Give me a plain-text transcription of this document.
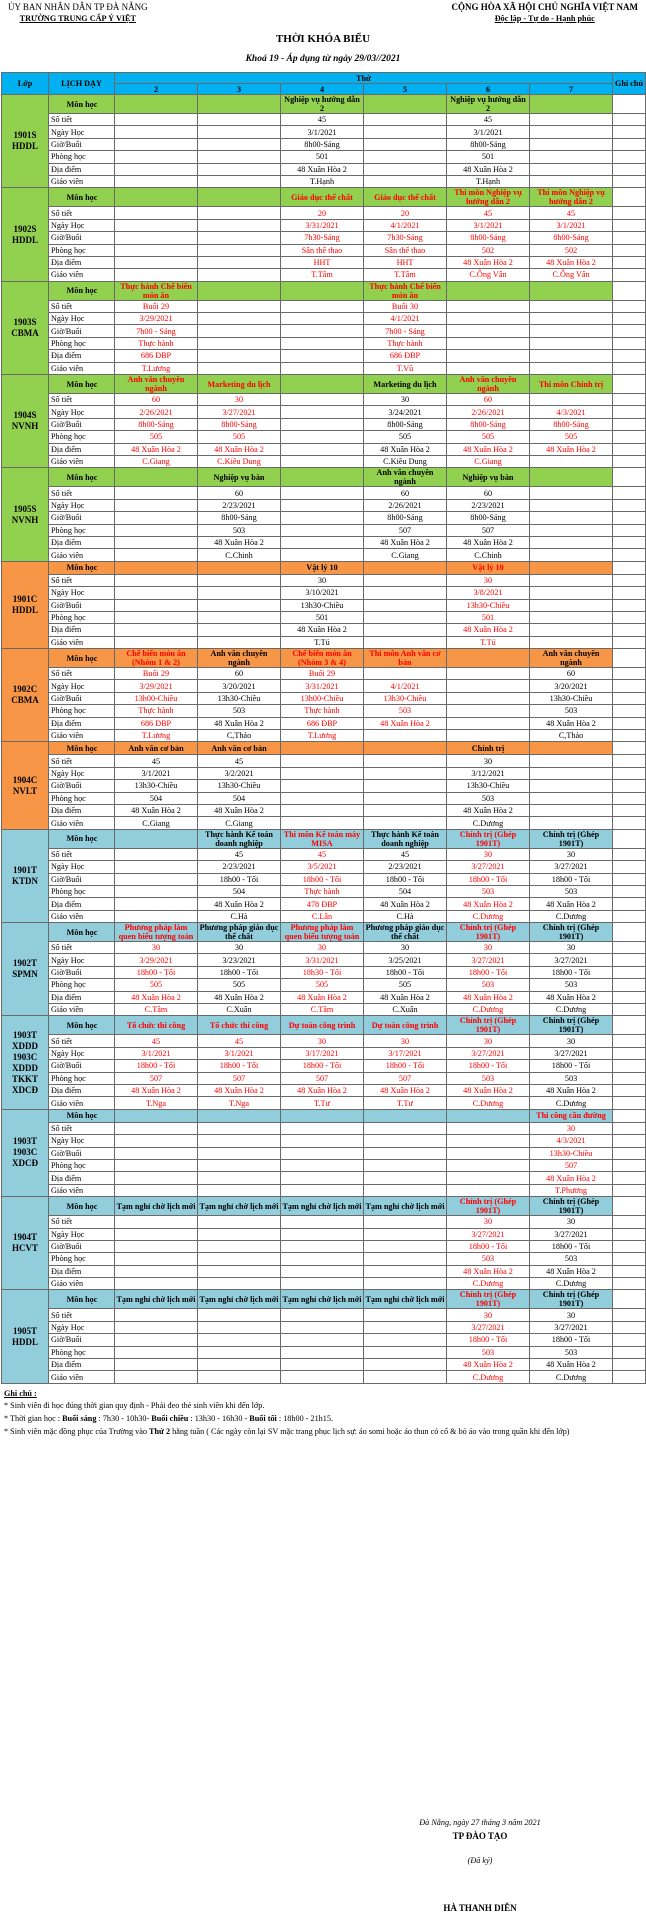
ỦY BAN NHÂN DÂN TP ĐÀ NẴNG
TRƯỜNG TRUNG CẤP Ý VIỆT
CỘNG HÒA XÃ HỘI CHỦ NGHĨA VIỆT NAM
Độc lập - Tự do - Hạnh phúc
THỜI KHÓA BIỂU
Khoá 19 - Áp dụng từ ngày 29/03//2021
Lớp	LỊCH DẠY	Thứ						Ghi chú
		2	3	4	5	6	7	
1901S HDDL	Môn học			Nghiệp vụ hướng dẫn 2		Nghiệp vụ hướng dẫn 2		
	Số tiết			45		45		
	Ngày Học			3/1/2021		3/1/2021		
	Giờ/Buổi			8h00-Sáng		8h00-Sáng		
	Phòng học			501		501		
	Địa điểm			48 Xuân Hòa 2		48 Xuân Hòa 2		
	Giáo viên			T.Hạnh		T.Hạnh		
1902S HDDL	Môn học			Giáo dục thể chất	Giáo dục thể chất	Thi môn Nghiệp vụ hướng dẫn 2	Thi môn Nghiệp vụ hướng dẫn 2	
	Số tiết			20	20	45	45	
	Ngày Học			3/31/2021	4/1/2021	3/1/2021	3/1/2021	
	Giờ/Buổi			7h30-Sáng	7h30-Sáng	8h00-Sáng	8h00-Sáng	
	Phòng học			Sân thể thao	Sân thể thao	502	502	
	Địa điểm			HHT	HHT	48 Xuân Hòa 2	48 Xuân Hòa 2	
	Giáo viên			T.Tâm	T.Tâm	C.Ông Vân	C.Ông Vân	
1903S CBMA	Môn học	Thực hành Chế biến món ăn			Thực hành Chế biến món ăn			
	Số tiết	Buổi 29			Buổi 30			
	Ngày Học	3/29/2021			4/1/2021			
	Giờ/Buổi	7h00 - Sáng			7h00 - Sáng			
	Phòng học	Thực hành			Thực hành			
	Địa điểm	686 ĐBP			686 ĐBP			
	Giáo viên	T.Lương			T.Vũ			
1904S NVNH	Môn học	Anh văn chuyên ngành	Marketing du lịch		Marketing du lịch	Anh văn chuyên ngành	Thi môn Chính trị	
	Số tiết	60	30		30	60		
	Ngày Học	2/26/2021	3/27/2021		3/24/2021	2/26/2021	4/3/2021	
	Giờ/Buổi	8h00-Sáng	8h00-Sáng		8h00-Sáng	8h00-Sáng	8h00-Sáng	
	Phòng học	505	505		505	505	505	
	Địa điểm	48 Xuân Hòa 2	48 Xuân Hòa 2		48 Xuân Hòa 2	48 Xuân Hòa 2	48 Xuân Hòa 2	
	Giáo viên	C.Giang	C.Kiều Dung		C.Kiều Dung	C.Giang		
1905S NVNH	Môn học		Nghiệp vụ bàn		Anh văn chuyên ngành	Nghiệp vụ bàn		
	Số tiết		60		60	60		
	Ngày Học		2/23/2021		2/26/2021	2/23/2021		
	Giờ/Buổi		8h00-Sáng		8h00-Sáng	8h00-Sáng		
	Phòng học		503		507	507		
	Địa điểm		48 Xuân Hòa 2		48 Xuân Hòa 2	48 Xuân Hòa 2		
	Giáo viên		C.Chinh		C.Giang	C.Chinh		
1901C HDDL	Môn học			Vật lý 10		Vật lý 10		
	Số tiết			30		30		
	Ngày Học			3/10/2021		3/8/2021		
	Giờ/Buổi			13h30-Chiều		13h30-Chiều		
	Phòng học			501		501		
	Địa điểm			48 Xuân Hòa 2		48 Xuân Hòa 2		
	Giáo viên			T.Tú		T.Tú		
1902C CBMA	Môn học	Chế biến món ăn (Nhóm 1 & 2)	Anh văn chuyên ngành	Chế biến món ăn (Nhóm 3 & 4)	Thi môn Anh văn cơ bản		Anh văn chuyên ngành	
	Số tiết	Buổi 29	60	Buổi 29			60	
	Ngày Học	3/29/2021	3/20/2021	3/31/2021	4/1/2021		3/20/2021	
	Giờ/Buổi	13h00-Chiều	13h30-Chiều	13h00-Chiều	13h30-Chiều		13h30-Chiều	
	Phòng học	Thực hành	503	Thực hành	503		503	
	Địa điểm	686 ĐBP	48 Xuân Hòa 2	686 ĐBP	48 Xuân Hòa 2		48 Xuân Hòa 2	
	Giáo viên	T.Lương	C,Thảo	T.Lương			C,Thảo	
1904C NVLT	Môn học	Anh văn cơ bản	Anh văn cơ bản			Chính trị		
	Số tiết	45	45			30		
	Ngày Học	3/1/2021	3/2/2021			3/12/2021		
	Giờ/Buổi	13h30-Chiều	13h30-Chiều			13h30-Chiều		
	Phòng học	504	504			503		
	Địa điểm	48 Xuân Hòa 2	48 Xuân Hòa 2			48 Xuân Hòa 2		
	Giáo viên	C.Giang	C.Giang			C.Dương		
1901T KTDN	Môn học		Thực hành Kế toán doanh nghiệp	Thi môn Kế toán máy MISA	Thực hành Kế toán doanh nghiệp	Chính trị (Ghép 1901T)	Chính trị (Ghép 1901T)	
	Số tiết		45	45	45	30	30	
	Ngày Học		2/23/2021	3/5/2021	2/23/2021	3/27/2021	3/27/2021	
	Giờ/Buổi		18h00 - Tối	18h00 - Tối	18h00 - Tối	18h00 - Tối	18h00 - Tối	
	Phòng học		504	Thực hành	504	503	503	
	Địa điểm		48 Xuân Hòa 2	478 ĐBP	48 Xuân Hòa 2	48 Xuân Hòa 2	48 Xuân Hòa 2	
	Giáo viên		C.Hà	C.Lân	C.Hà	C.Dương	C.Dương	
1902T SPMN	Môn học	Phương pháp làm quen biểu tượng toán	Phương pháp giáo dục thể chất	Phương pháp làm quen biểu tượng toán	Phương pháp giáo dục thể chất	Chính trị (Ghép 1901T)	Chính trị (Ghép 1901T)	
	Số tiết	30	30	30	30	30	30	
	Ngày Học	3/29/2021	3/23/2021	3/31/2021	3/25/2021	3/27/2021	3/27/2021	
	Giờ/Buổi	18h00 - Tối	18h00 - Tối	18h30 - Tối	18h00 - Tối	18h00 - Tối	18h00 - Tối	
	Phòng học	505	505	505	505	503	503	
	Địa điểm	48 Xuân Hòa 2	48 Xuân Hòa 2	48 Xuân Hòa 2	48 Xuân Hòa 2	48 Xuân Hòa 2	48 Xuân Hòa 2	
	Giáo viên	C.Tâm	C.Xuân	C.Tâm	C.Xuân	C.Dương	C.Dương	
1903T XDDD 1903C XDDD TKKT XDCĐ	Môn học	Tổ chức thi công	Tổ chức thi công	Dự toán công trình	Dự toán công trình	Chính trị (Ghép 1901T)	Chính trị (Ghép 1901T)	
	Số tiết	45	45	30	30	30	30	
	Ngày Học	3/1/2021	3/1/2021	3/17/2021	3/17/2021	3/27/2021	3/27/2021	
	Giờ/Buổi	18h00 - Tối	18h00 - Tối	18h00 - Tối	18h00 - Tối	18h00 - Tối	18h00 - Tối	
	Phòng học	507	507	507	507	503	503	
	Địa điểm	48 Xuân Hòa 2	48 Xuân Hòa 2	48 Xuân Hòa 2	48 Xuân Hòa 2	48 Xuân Hòa 2	48 Xuân Hòa 2	
	Giáo viên	T.Nga	T.Nga	T.Tư	T.Tư	C.Dương	C.Dương	
1903T 1903C XDCĐ	Môn học						Thi công cầu đường	
	Số tiết						30	
	Ngày Học						4/3/2021	
	Giờ/Buổi						13h30-Chiều	
	Phòng học						507	
	Địa điểm						48 Xuân Hòa 2	
	Giáo viên						T.Phương	
1904T HCVT	Môn học	Tạm nghỉ chờ lịch mới	Tạm nghỉ chờ lịch mới	Tạm nghỉ chờ lịch mới	Tạm nghỉ chờ lịch mới	Chính trị (Ghép 1901T)	Chính trị (Ghép 1901T)	
	Số tiết					30	30	
	Ngày Học					3/27/2021	3/27/2021	
	Giờ/Buổi					18h00 - Tối	18h00 - Tối	
	Phòng học					503	503	
	Địa điểm					48 Xuân Hòa 2	48 Xuân Hòa 2	
	Giáo viên					C.Dương	C.Dương	
1905T HDDL	Môn học	Tạm nghỉ chờ lịch mới	Tạm nghỉ chờ lịch mới	Tạm nghỉ chờ lịch mới	Tạm nghỉ chờ lịch mới	Chính trị (Ghép 1901T)	Chính trị (Ghép 1901T)	
	Số tiết					30	30	
	Ngày Học					3/27/2021	3/27/2021	
	Giờ/Buổi					18h00 - Tối	18h00 - Tối	
	Phòng học					503	503	
	Địa điểm					48 Xuân Hòa 2	48 Xuân Hòa 2	
	Giáo viên					C.Dương	C.Dương	
Ghi chú :
* Sinh viên đi học đúng thời gian quy định - Phải đeo thẻ sinh viên khi đến lớp.
* Thời gian học : Buổi sáng : 7h30 - 10h30- Buổi chiều : 13h30 - 16h30 - Buổi tối : 18h00 - 21h15.
* Sinh viên mặc đồng phục của Trường vào Thứ 2 hằng tuần ( Các ngày còn lại SV mặc trang phục lịch sự: áo somi hoặc áo thun có cổ & bỏ áo vào trong quần khi đến lớp)
Đà Nẵng, ngày 27 tháng 3 năm 2021
TP ĐÀO TẠO
(Đã ký)
HÀ THANH DIỄN
